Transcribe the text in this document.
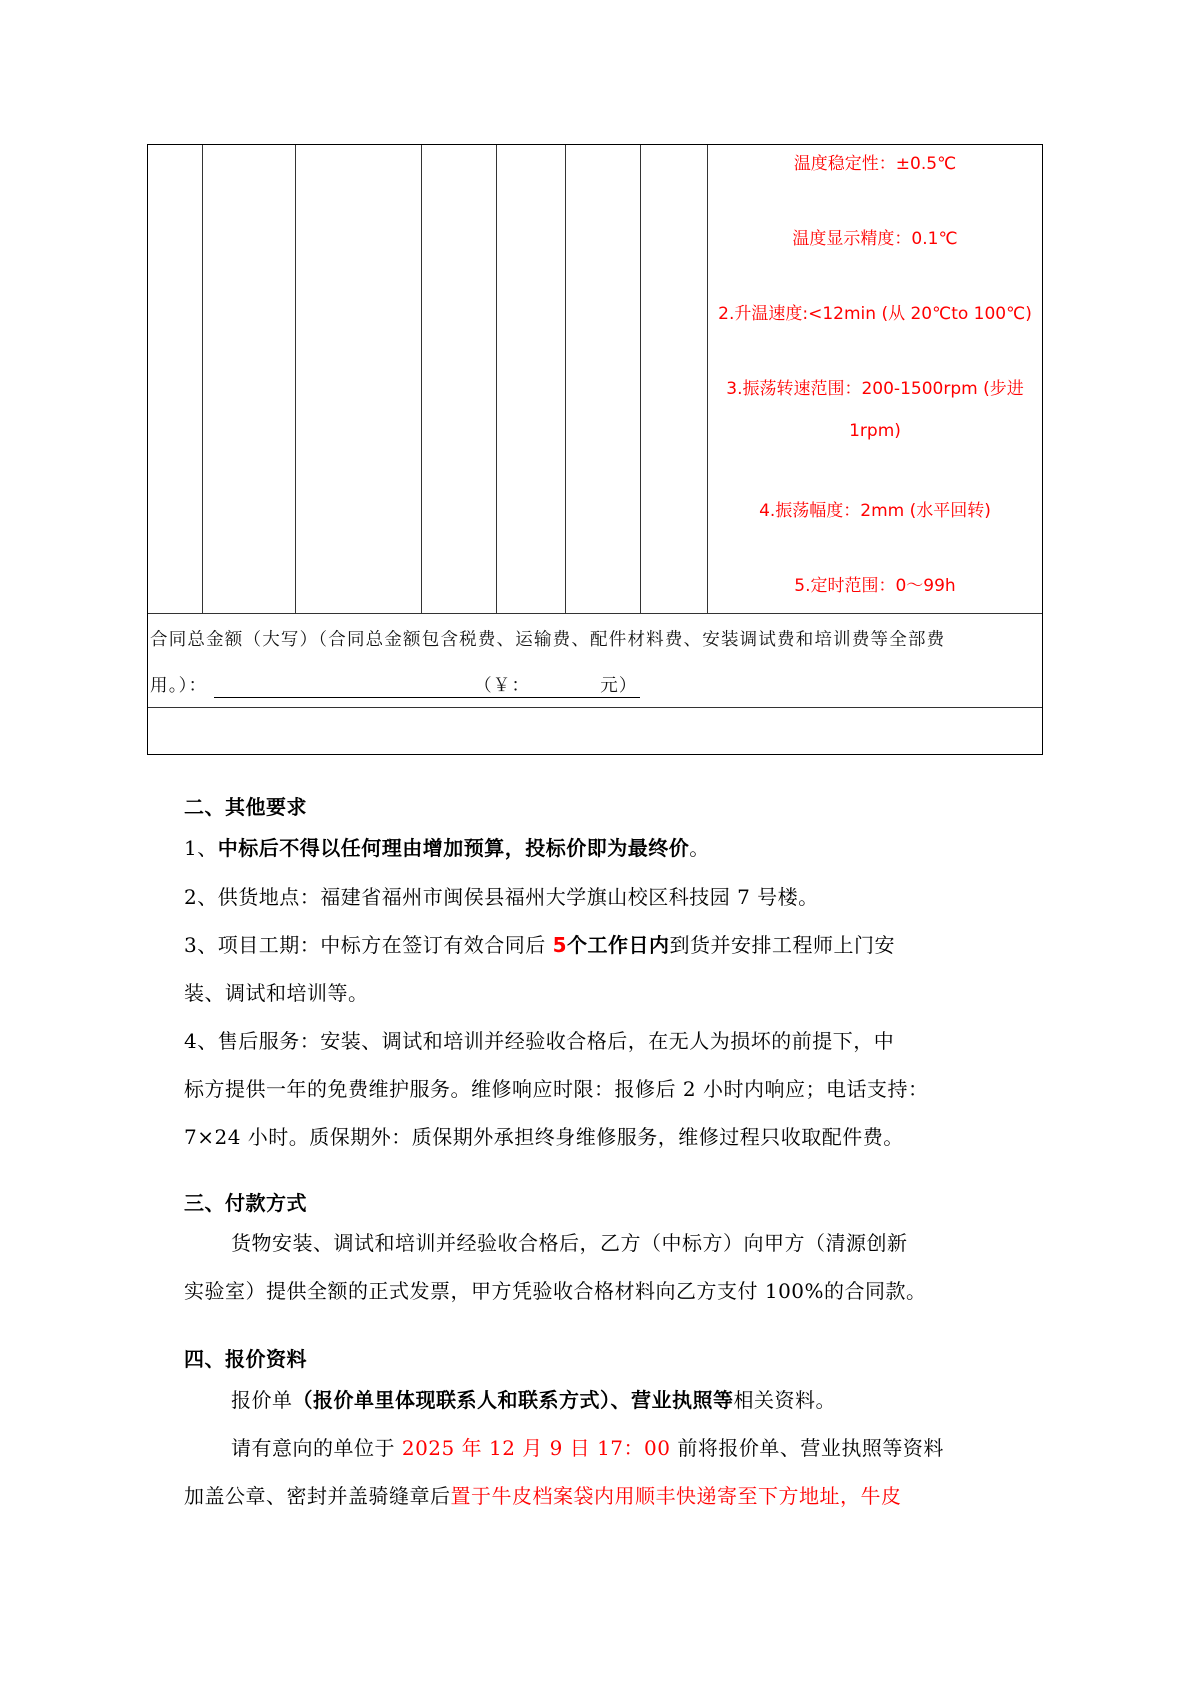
温度稳定性：±0.5℃
温度显示精度：0.1℃
2.升温速度:<12min (从 20℃to 100℃)
3.振荡转速范围：200-1500rpm (步进
1rpm)
4.振荡幅度：2mm (水平回转)
5.定时范围：0～99h
合同总金额（大写）（合同总金额包含税费、运输费、配件材料费、安装调试费和培训费等全部费
用。）：	（￥：	元）
二、其他要求
1、中标后不得以任何理由增加预算，投标价即为最终价。
2、供货地点：福建省福州市闽侯县福州大学旗山校区科技园 7 号楼。
3、项目工期：中标方在签订有效合同后 5个工作日内到货并安排工程师上门安
装、调试和培训等。
4、售后服务：安装、调试和培训并经验收合格后，在无人为损坏的前提下，中
标方提供一年的免费维护服务。维修响应时限：报修后 2 小时内响应；电话支持：
7×24 小时。质保期外：质保期外承担终身维修服务，维修过程只收取配件费。
三、付款方式
货物安装、调试和培训并经验收合格后，乙方（中标方）向甲方（清源创新
实验室）提供全额的正式发票，甲方凭验收合格材料向乙方支付 100%的合同款。
四、报价资料
报价单（报价单里体现联系人和联系方式）、营业执照等相关资料。
请有意向的单位于 2025 年 12 月 9 日 17：00 前将报价单、营业执照等资料
加盖公章、密封并盖骑缝章后置于牛皮档案袋内用顺丰快递寄至下方地址，牛皮
